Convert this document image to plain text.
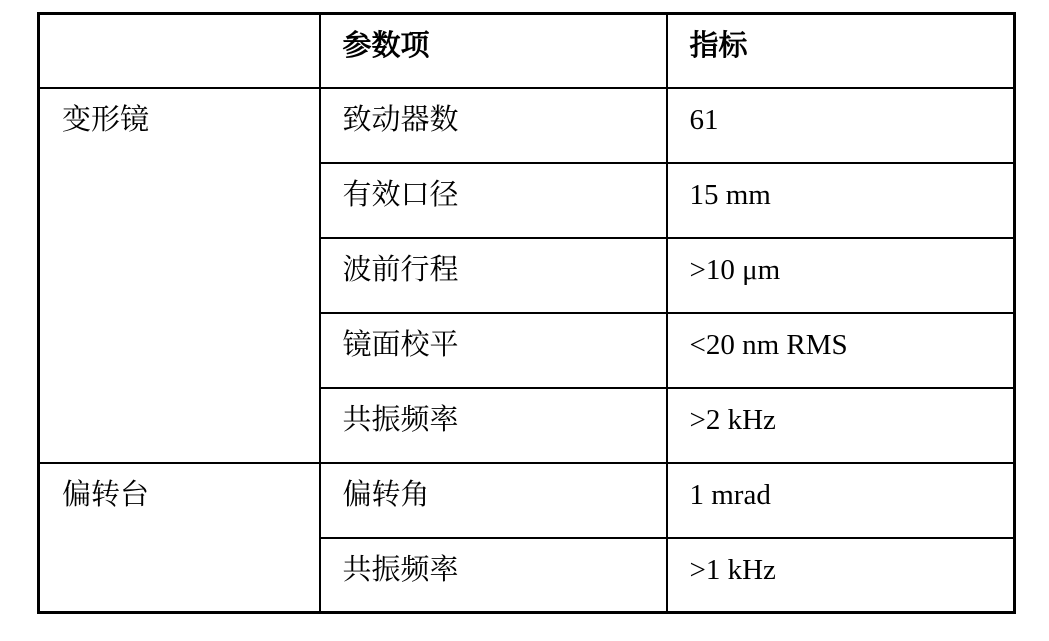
	参数项	指标
变形镜	致动器数	61
	有效口径	15 mm
	波前行程	>10 μm
	镜面校平	<20 nm RMS
	共振频率	>2 kHz
偏转台	偏转角	1 mrad
	共振频率	>1 kHz
